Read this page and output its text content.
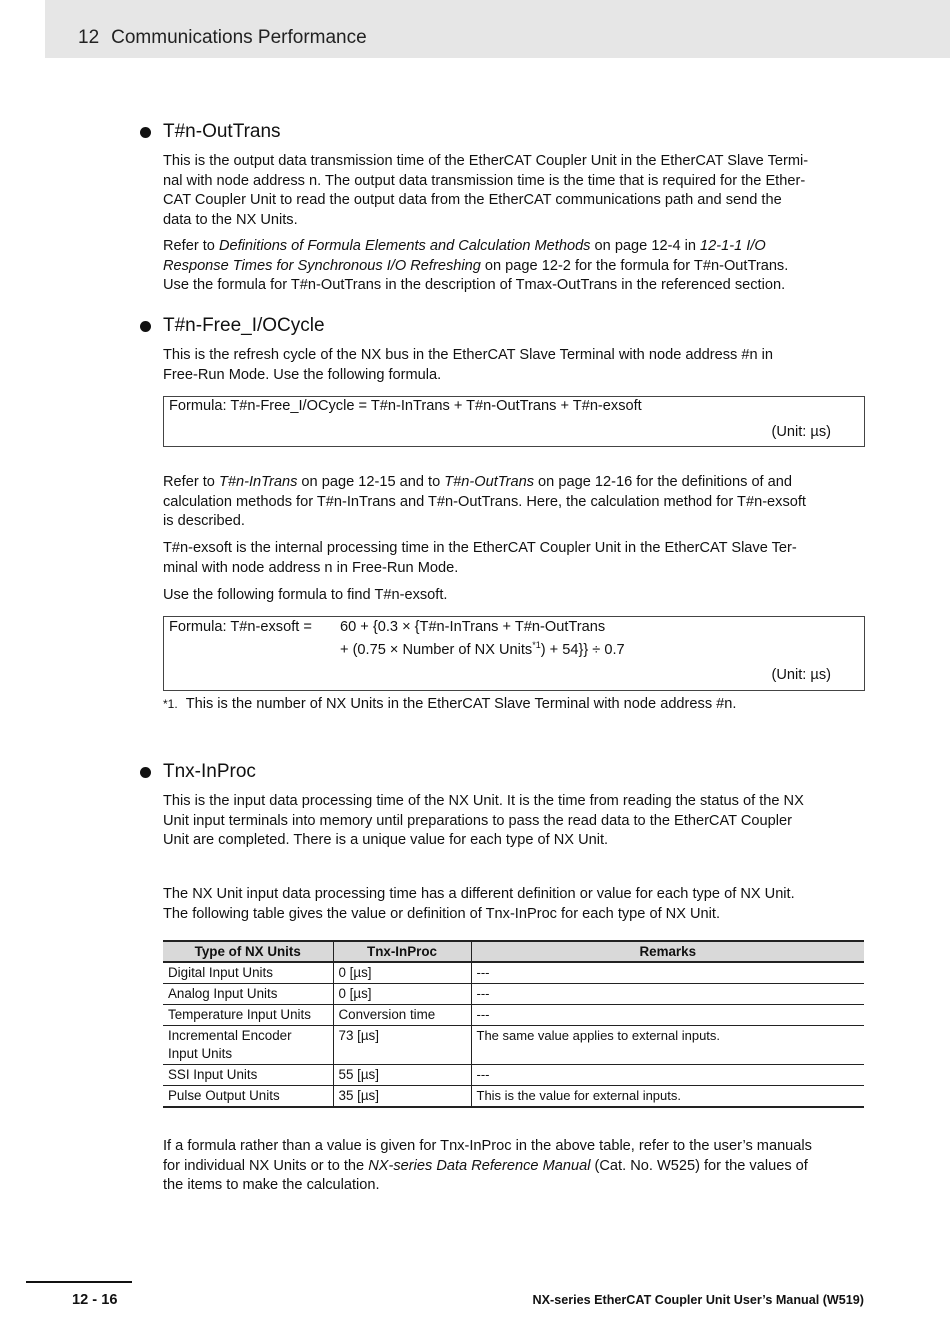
12 Communications Performance
T#n-OutTrans
This is the output data transmission time of the EtherCAT Coupler Unit in the EtherCAT Slave Termi-
nal with node address n. The output data transmission time is the time that is required for the Ether-
CAT Coupler Unit to read the output data from the EtherCAT communications path and send the
data to the NX Units.
Refer to Definitions of Formula Elements and Calculation Methods on page 12-4 in 12-1-1 I/O
Response Times for Synchronous I/O Refreshing on page 12-2 for the formula for T#n-OutTrans.
Use the formula for T#n-OutTrans in the description of Tmax-OutTrans in the referenced section.
T#n-Free_I/OCycle
This is the refresh cycle of the NX bus in the EtherCAT Slave Terminal with node address #n in
Free-Run Mode. Use the following formula.
Formula: T#n-Free_I/OCycle = T#n-InTrans + T#n-OutTrans + T#n-exsoft
(Unit: µs)
Refer to T#n-InTrans on page 12-15 and to T#n-OutTrans on page 12-16 for the definitions of and
calculation methods for T#n-InTrans and T#n-OutTrans. Here, the calculation method for T#n-exsoft
is described.
T#n-exsoft is the internal processing time in the EtherCAT Coupler Unit in the EtherCAT Slave Ter-
minal with node address n in Free-Run Mode.
Use the following formula to find T#n-exsoft.
Formula: T#n-exsoft = 60 + {0.3 × {T#n-InTrans + T#n-OutTrans
+ (0.75 × Number of NX Units$^{*1}$) + 54}} ÷ 0.7
(Unit: µs)
*1. This is the number of NX Units in the EtherCAT Slave Terminal with node address #n.
Tnx-InProc
This is the input data processing time of the NX Unit. It is the time from reading the status of the NX
Unit input terminals into memory until preparations to pass the read data to the EtherCAT Coupler
Unit are completed. There is a unique value for each type of NX Unit.
The NX Unit input data processing time has a different definition or value for each type of NX Unit.
The following table gives the value or definition of Tnx-InProc for each type of NX Unit.
Type of NX Units	Tnx-InProc	Remarks
Digital Input Units	0 [µs]	---
Analog Input Units	0 [µs]	---
Temperature Input Units	Conversion time	---
Incremental Encoder Input Units	73 [µs]	The same value applies to external inputs.
SSI Input Units	55 [µs]	---
Pulse Output Units	35 [µs]	This is the value for external inputs.
If a formula rather than a value is given for Tnx-InProc in the above table, refer to the user’s manuals
for individual NX Units or to the NX-series Data Reference Manual (Cat. No. W525) for the values of
the items to make the calculation.
12 - 16	NX-series EtherCAT Coupler Unit User’s Manual (W519)
